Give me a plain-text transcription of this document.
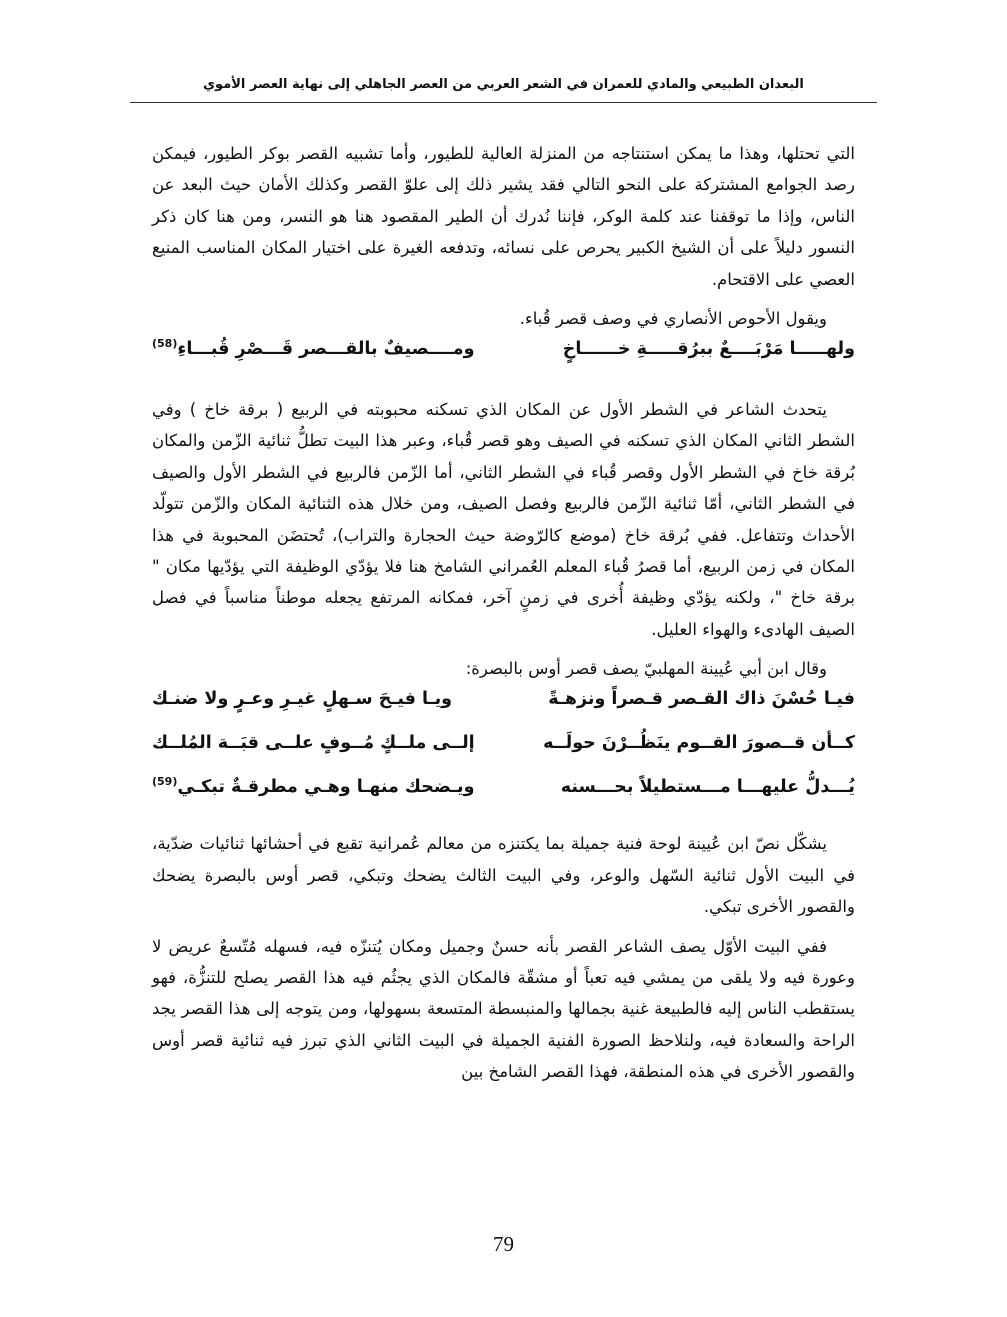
البعدان الطبيعي والمادي للعمران في الشعر العربي من العصر الجاهلي إلى نهاية العصر الأموي

التي تحتلها، وهذا ما يمكن استنتاجه من المنزلة العالية للطيور، وأما تشبيه القصر بوكر الطيور، فيمكن رصد الجوامع المشتركة على النحو التالي فقد يشير ذلك إلى علوّ القصر وكذلك الأمان حيث البعد عن الناس، وإذا ما توقفنا عند كلمة الوكر، فإننا نُدرك أن الطير المقصود هنا هو النسر، ومن هنا كان ذكر النسور دليلاً على أن الشيخ الكبير يحرص على نسائه، وتدفعه الغيرة على اختيار المكان المناسب المنيع العصي على الاقتحام.

ويقول الأحوص الأنصاري في وصف قصر قُباء.

ولهـــــا مَرْبَــــعٌ ببرُقـــــةِ خــــــاخٍ
ومــــصيفٌ بالقـــصر قَـــصْرِ قُبـــاءِ$^{(58)}$

يتحدث الشاعر في الشطر الأول عن المكان الذي تسكنه محبوبته في الربيع ( برقة خاخ ) وفي الشطر الثاني المكان الذي تسكنه في الصيف وهو قصر قُباء، وعبر هذا البيت تطلُّ ثنائية الزّمن والمكان بُرقة خاخ في الشطر الأول وقصر قُباء في الشطر الثاني، أما الزّمن فالربيع في الشطر الأول والصيف في الشطر الثاني، أمّا ثنائية الزّمن فالربيع وفصل الصيف، ومن خلال هذه الثنائية المكان والزّمن تتولّد الأحداث وتتفاعل. ففي بُرقة خاخ (موضع كالرّوضة حيث الحجارة والتراب)، تُحتضَن المحبوبة في هذا المكان في زمن الربيع، أما قصرُ قُباء المعلم العُمراني الشامخ هنا فلا يؤدّي الوظيفة التي يؤدّيها مكان " برقة خاخ "، ولكنه يؤدّي وظيفة أُخرى في زمنٍ آخر، فمكانه المرتفع يجعله موطناً مناسباً في فصل الصيف الهادىء والهواء العليل.

وقال ابن أبي عُيينة المهلبيّ يصف قصر أوس بالبصرة:

فيـا حُسْنَ ذاك القـصر قـصراً ونزهـةً
ويـا فيـحَ سـهلٍ غيـرِ وعـرٍ ولا ضنـك
كــأن قــصورَ القــوم ينَظُــرْنَ حولَــه
إلــى ملــكٍ مُــوفٍ علــى قبَــة المُلــك
يُـــدلُّ عليهـــا مـــستطيلاً بحـــسنه
ويـضحك منهـا وهـي مطرقـةٌ تبكـي$^{(59)}$

يشكّل نصّ ابن عُيينة لوحة فنية جميلة بما يكتنزه من معالم عُمرانية تقبع في أحشائها ثنائيات ضدّية، في البيت الأول ثنائية السّهل والوعر، وفي البيت الثالث يضحك وتبكي، قصر أوس بالبصرة يضحك والقصور الأخرى تبكي.

ففي البيت الأوّل يصف الشاعر القصر بأنه حسنٌ وجميل ومكان يُتنزّه فيه، فسهله مُتّسعٌ عريض لا وعورة فيه ولا يلقى من يمشي فيه تعباً أو مشقّة فالمكان الذي يجثُم فيه هذا القصر يصلح للتنزُّة، فهو يستقطب الناس إليه فالطبيعة غنية بجمالها والمنبسطة المتسعة بسهولها، ومن يتوجه إلى هذا القصر يجد الراحة والسعادة فيه، ولنلاحظ الصورة الفنية الجميلة في البيت الثاني الذي تبرز فيه ثنائية قصر أوس والقصور الأخرى في هذه المنطقة، فهذا القصر الشامخ بين

79
